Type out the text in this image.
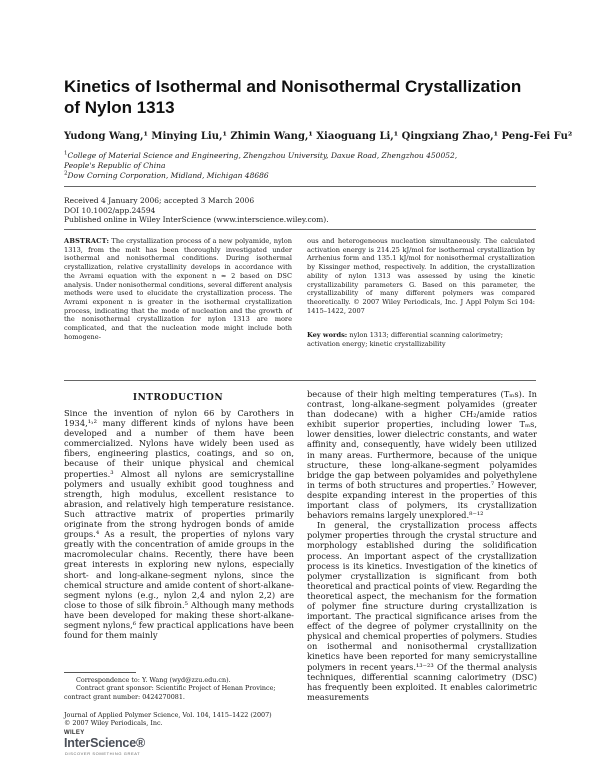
Kinetics of Isothermal and Nonisothermal Crystallization of Nylon 1313
Yudong Wang,¹ Minying Liu,¹ Zhimin Wang,¹ Xiaoguang Li,¹ Qingxiang Zhao,¹ Peng-Fei Fu²
$^1$College of Material Science and Engineering, Zhengzhou University, Daxue Road, Zhengzhou 450052,
People's Republic of China
$^2$Dow Corning Corporation, Midland, Michigan 48686
Received 4 January 2006; accepted 3 March 2006
DOI 10.1002/app.24594
Published online in Wiley InterScience (www.interscience.wiley.com).
ABSTRACT: The crystallization process of a new polyamide, nylon 1313, from the melt has been thoroughly investigated under isothermal and nonisothermal conditions. During isothermal crystallization, relative crystallinity develops in accordance with the Avrami equation with the exponent n ≈ 2 based on DSC analysis. Under nonisothermal conditions, several different analysis methods were used to elucidate the crystallization process. The Avrami exponent n is greater in the isothermal crystallization process, indicating that the mode of nucleation and the growth of the nonisothermal crystallization for nylon 1313 are more complicated, and that the nucleation mode might include both homogene-
ous and heterogeneous nucleation simultaneously. The calculated activation energy is 214.25 kJ/mol for isothermal crystallization by Arrhenius form and 135.1 kJ/mol for nonisothermal crystallization by Kissinger method, respectively. In addition, the crystallization ability of nylon 1313 was assessed by using the kinetic crystallizability parameters G. Based on this parameter, the crystallizability of many different polymers was compared theoretically. © 2007 Wiley Periodicals, Inc. J Appl Polym Sci 104: 1415–1422, 2007
Key words: nylon 1313; differential scanning calorimetry; activation energy; kinetic crystallizability
INTRODUCTION

Since the invention of nylon 66 by Carothers in 1934,¹˒² many different kinds of nylons have been developed and a number of them have been commercialized. Nylons have widely been used as fibers, engineering plastics, coatings, and so on, because of their unique physical and chemical properties.³ Almost all nylons are semicrystalline polymers and usually exhibit good toughness and strength, high modulus, excellent resistance to abrasion, and relatively high temperature resistance. Such attractive matrix of properties primarily originate from the strong hydrogen bonds of amide groups.⁴ As a result, the properties of nylons vary greatly with the concentration of amide groups in the macromolecular chains. Recently, there have been great interests in exploring new nylons, especially short- and long-alkane-segment nylons, since the chemical structure and amide content of short-alkane-segment nylons (e.g., nylon 2,4 and nylon 2,2) are close to those of silk fibroin.⁵ Although many methods have been developed for making these short-alkane-segment nylons,⁶ few practical applications have been found for them mainly

because of their high melting temperatures (Tₘs). In contrast, long-alkane-segment polyamides (greater than dodecane) with a higher CH₂/amide ratios exhibit superior properties, including lower Tₘs, lower densities, lower dielectric constants, and water affinity and, consequently, have widely been utilized in many areas. Furthermore, because of the unique structure, these long-alkane-segment polyamides bridge the gap between polyamides and polyethylene in terms of both structures and properties.⁷ However, despite expanding interest in the properties of this important class of polymers, its crystallization behaviors remains largely unexplored.⁸⁻¹²

In general, the crystallization process affects polymer properties through the crystal structure and morphology established during the solidification process. An important aspect of the crystallization process is its kinetics. Investigation of the kinetics of polymer crystallization is significant from both theoretical and practical points of view. Regarding the theoretical aspect, the mechanism for the formation of polymer fine structure during crystallization is important. The practical significance arises from the effect of the degree of polymer crystallinity on the physical and chemical properties of polymers. Studies on isothermal and nonisothermal crystallization kinetics have been reported for many semicrystalline polymers in recent years.¹³⁻²³ Of the thermal analysis techniques, differential scanning calorimetry (DSC) has frequently been exploited. It enables calorimetric measurements

Correspondence to: Y. Wang (wyd@zzu.edu.cn).

Contract grant sponsor: Scientific Project of Henan Province; contract grant number: 0424270081.

Journal of Applied Polymer Science, Vol. 104, 1415–1422 (2007)
© 2007 Wiley Periodicals, Inc.
WILEY
InterScience®
DISCOVER SOMETHING GREAT
